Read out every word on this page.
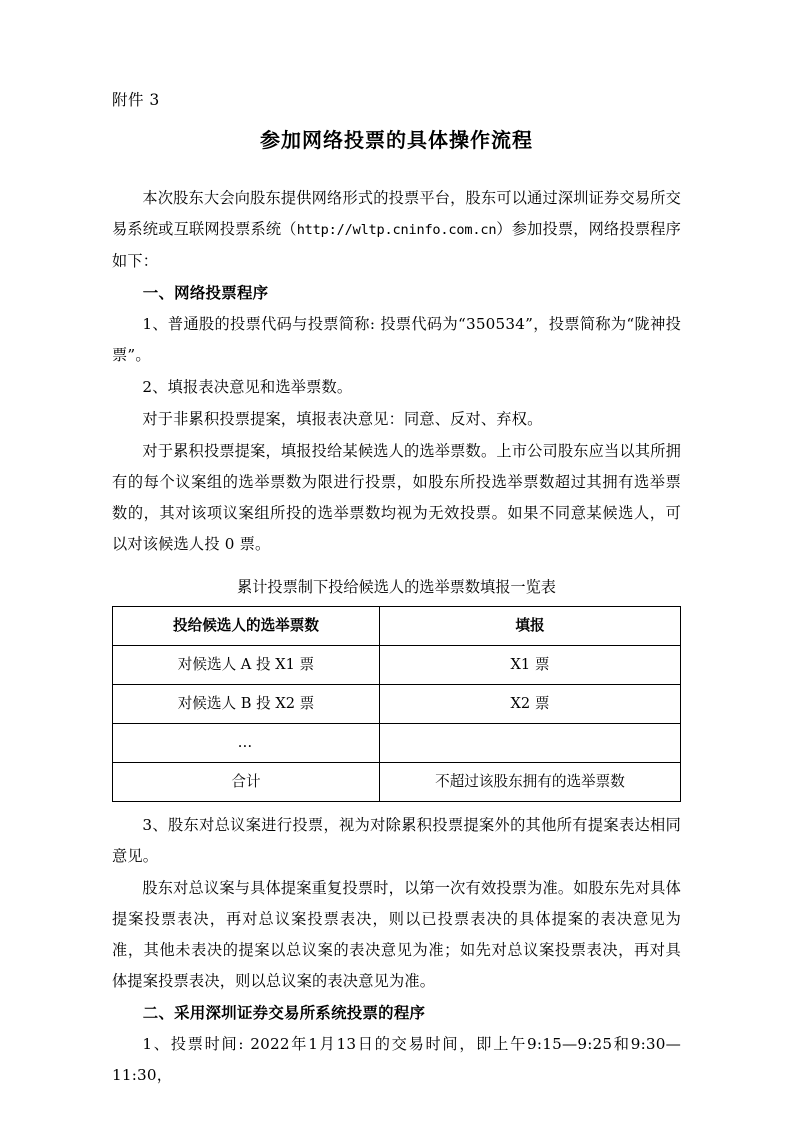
附件 3
参加网络投票的具体操作流程

本次股东大会向股东提供网络形式的投票平台，股东可以通过深圳证券交易所交易系统或互联网投票系统（http://wltp.cninfo.com.cn）参加投票，网络投票程序如下：

一、网络投票程序

1、普通股的投票代码与投票简称: 投票代码为“350534”，投票简称为“陇神投票”。

2、填报表决意见和选举票数。

对于非累积投票提案，填报表决意见：同意、反对、弃权。

对于累积投票提案，填报投给某候选人的选举票数。上市公司股东应当以其所拥有的每个议案组的选举票数为限进行投票，如股东所投选举票数超过其拥有选举票数的，其对该项议案组所投的选举票数均视为无效投票。如果不同意某候选人，可以对该候选人投 0 票。

累计投票制下投给候选人的选举票数填报一览表
投给候选人的选举票数	填报
对候选人 A 投 X1 票	X1 票
对候选人 B 投 X2 票	X2 票
…	
合计	不超过该股东拥有的选举票数

3、股东对总议案进行投票，视为对除累积投票提案外的其他所有提案表达相同意见。

股东对总议案与具体提案重复投票时，以第一次有效投票为准。如股东先对具体提案投票表决，再对总议案投票表决，则以已投票表决的具体提案的表决意见为准，其他未表决的提案以总议案的表决意见为准；如先对总议案投票表决，再对具体提案投票表决，则以总议案的表决意见为准。

二、采用深圳证券交易所系统投票的程序

1、投票时间: 2022年1月13日的交易时间，即上午9:15—9:25和9:30—11:30，
